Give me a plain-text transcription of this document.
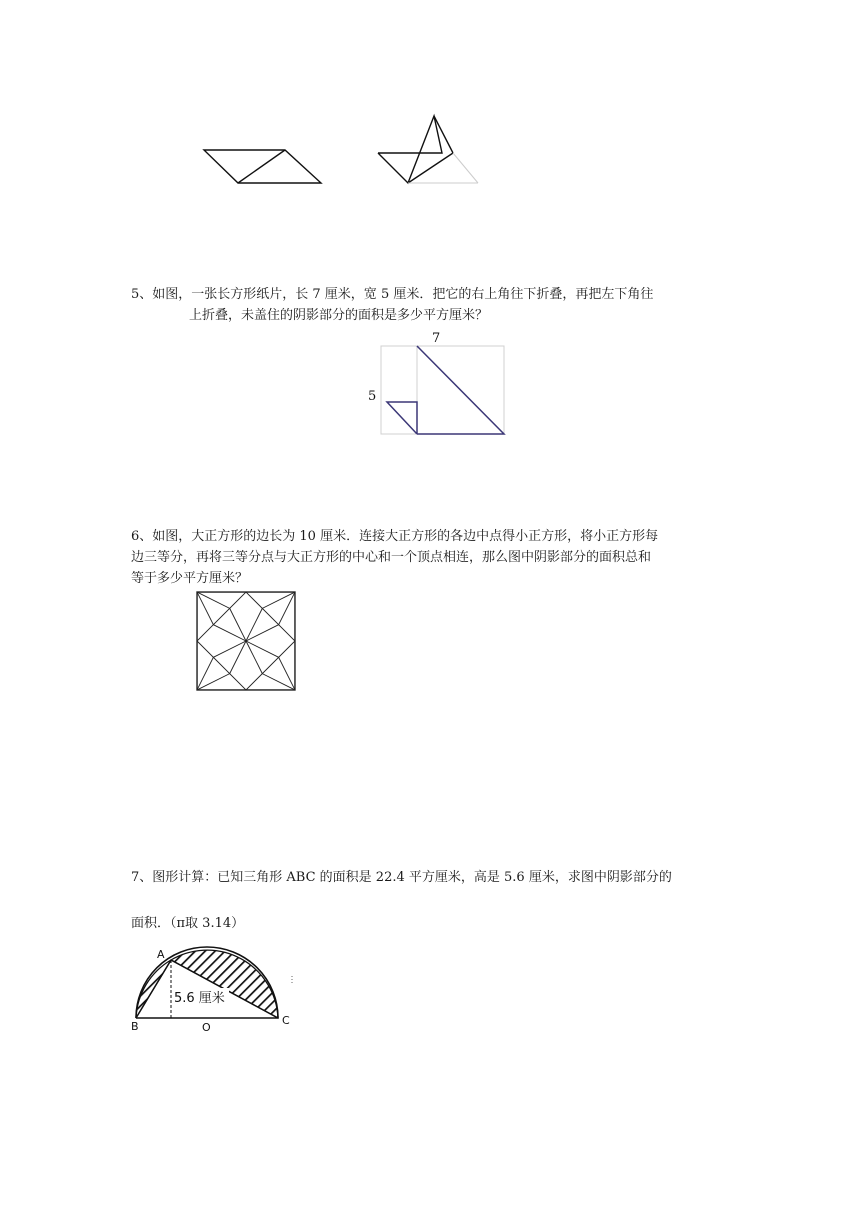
5、如图，一张长方形纸片，长 7 厘米，宽 5 厘米．把它的右上角往下折叠，再把左下角往
上折叠，未盖住的阴影部分的面积是多少平方厘米？
7
5
6、如图，大正方形的边长为 10 厘米．连接大正方形的各边中点得小正方形，将小正方形每
边三等分，再将三等分点与大正方形的中心和一个顶点相连，那么图中阴影部分的面积总和
等于多少平方厘米？
7、图形计算：已知三角形 ABC 的面积是 22.4 平方厘米，高是 5.6 厘米，求图中阴影部分的
面积．（π取 3.14）
A
B	C
O
5.6 厘米
